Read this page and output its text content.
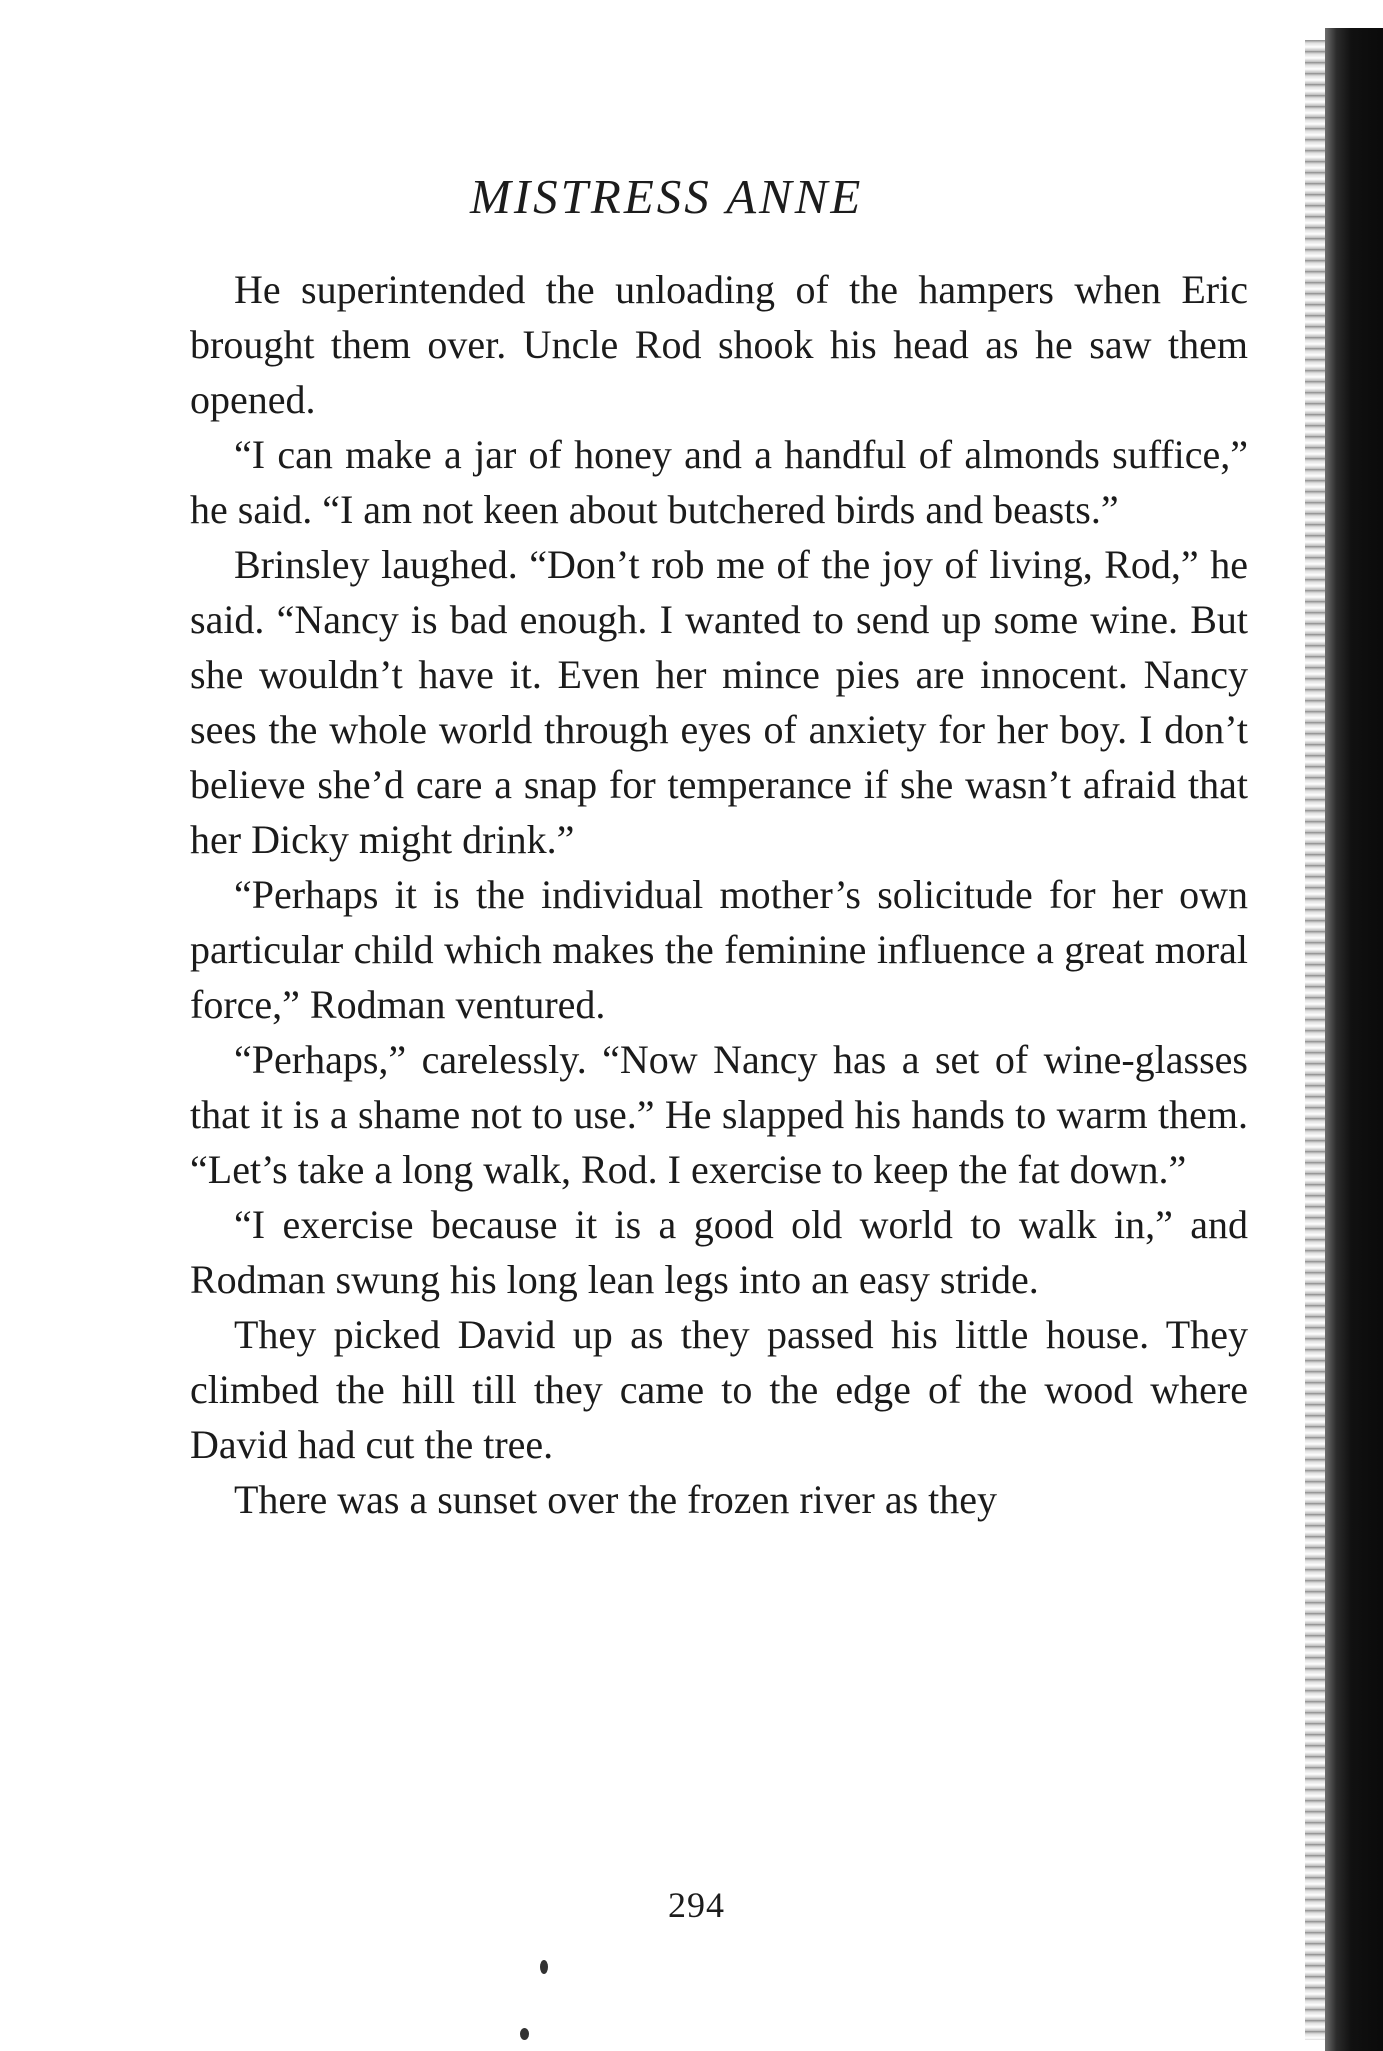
MISTRESS ANNE

He superintended the unloading of the hampers when Eric brought them over. Uncle Rod shook his head as he saw them opened.

“I can make a jar of honey and a handful of almonds suffice,” he said. “I am not keen about butchered birds and beasts.”

Brinsley laughed. “Don’t rob me of the joy of living, Rod,” he said. “Nancy is bad enough. I wanted to send up some wine. But she wouldn’t have it. Even her mince pies are innocent. Nancy sees the whole world through eyes of anxiety for her boy. I don’t believe she’d care a snap for temperance if she wasn’t afraid that her Dicky might drink.”

“Perhaps it is the individual mother’s solicitude for her own particular child which makes the feminine influence a great moral force,” Rodman ventured.

“Perhaps,” carelessly. “Now Nancy has a set of wine-glasses that it is a shame not to use.” He slapped his hands to warm them. “Let’s take a long walk, Rod. I exercise to keep the fat down.”

“I exercise because it is a good old world to walk in,” and Rodman swung his long lean legs into an easy stride.

They picked David up as they passed his little house. They climbed the hill till they came to the edge of the wood where David had cut the tree.

There was a sunset over the frozen river as they

294
